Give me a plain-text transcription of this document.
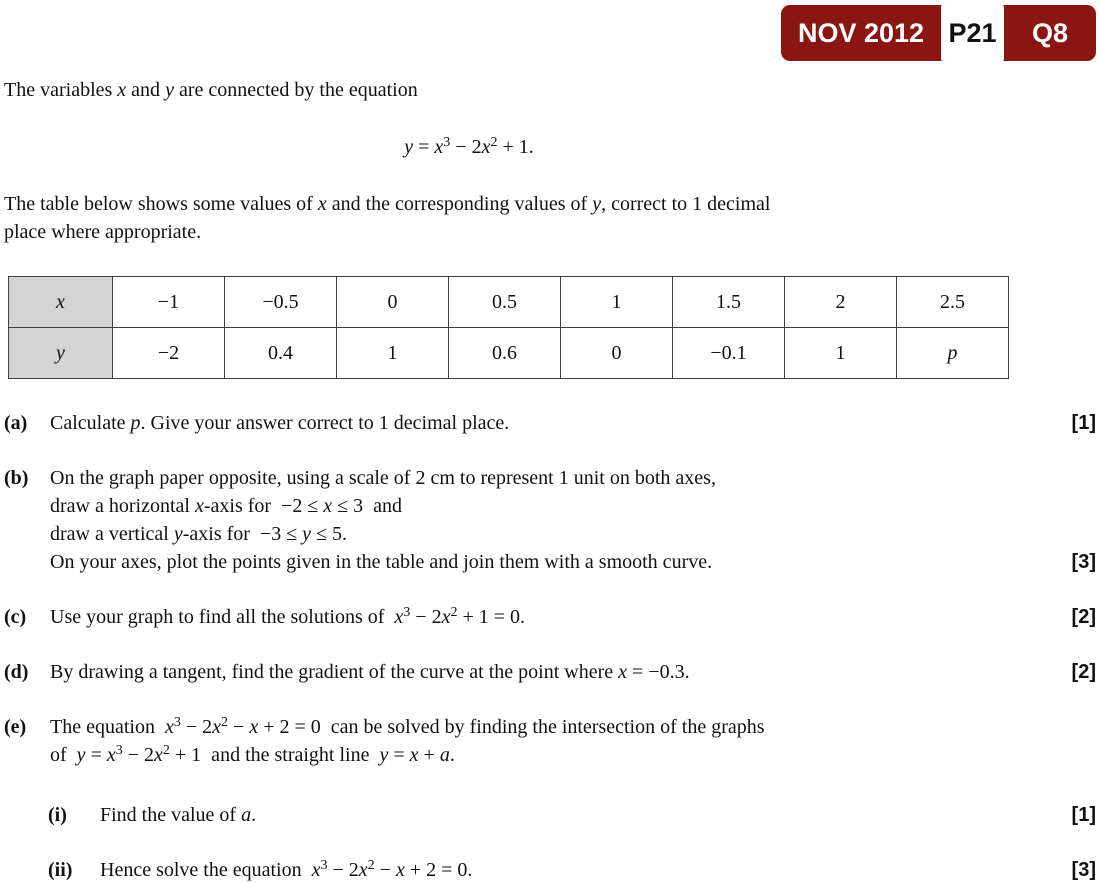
NOV 2012 P21	Q8
The variables x and y are connected by the equation
$y = x^3 - 2x^2 + 1$.
The table below shows some values of x and the corresponding values of y, correct to 1 decimal
place where appropriate.
x	−1	−0.5	0	0.5	1	1.5	2	2.5
y	−2	0.4	1	0.6	0	−0.1	1	p
(a)	Calculate p. Give your answer correct to 1 decimal place.	[1]
(b)	On the graph paper opposite, using a scale of 2 cm to represent 1 unit on both axes,
draw a horizontal x-axis for  −2 ≤ x ≤ 3  and
draw a vertical y-axis for  −3 ≤ y ≤ 5.
On your axes, plot the points given in the table and join them with a smooth curve.	[3]
(c)	Use your graph to find all the solutions of  $x^3 - 2x^2 + 1 = 0$.	[2]
(d)	By drawing a tangent, find the gradient of the curve at the point where x = −0.3.	[2]
(e)	The equation  $x^3 - 2x^2 - x + 2 = 0$  can be solved by finding the intersection of the graphs
of  $y = x^3 - 2x^2 + 1$  and the straight line  y = x + a.
(i)	Find the value of a.	[1]
(ii)	Hence solve the equation  $x^3 - 2x^2 - x + 2 = 0$.	[3]
